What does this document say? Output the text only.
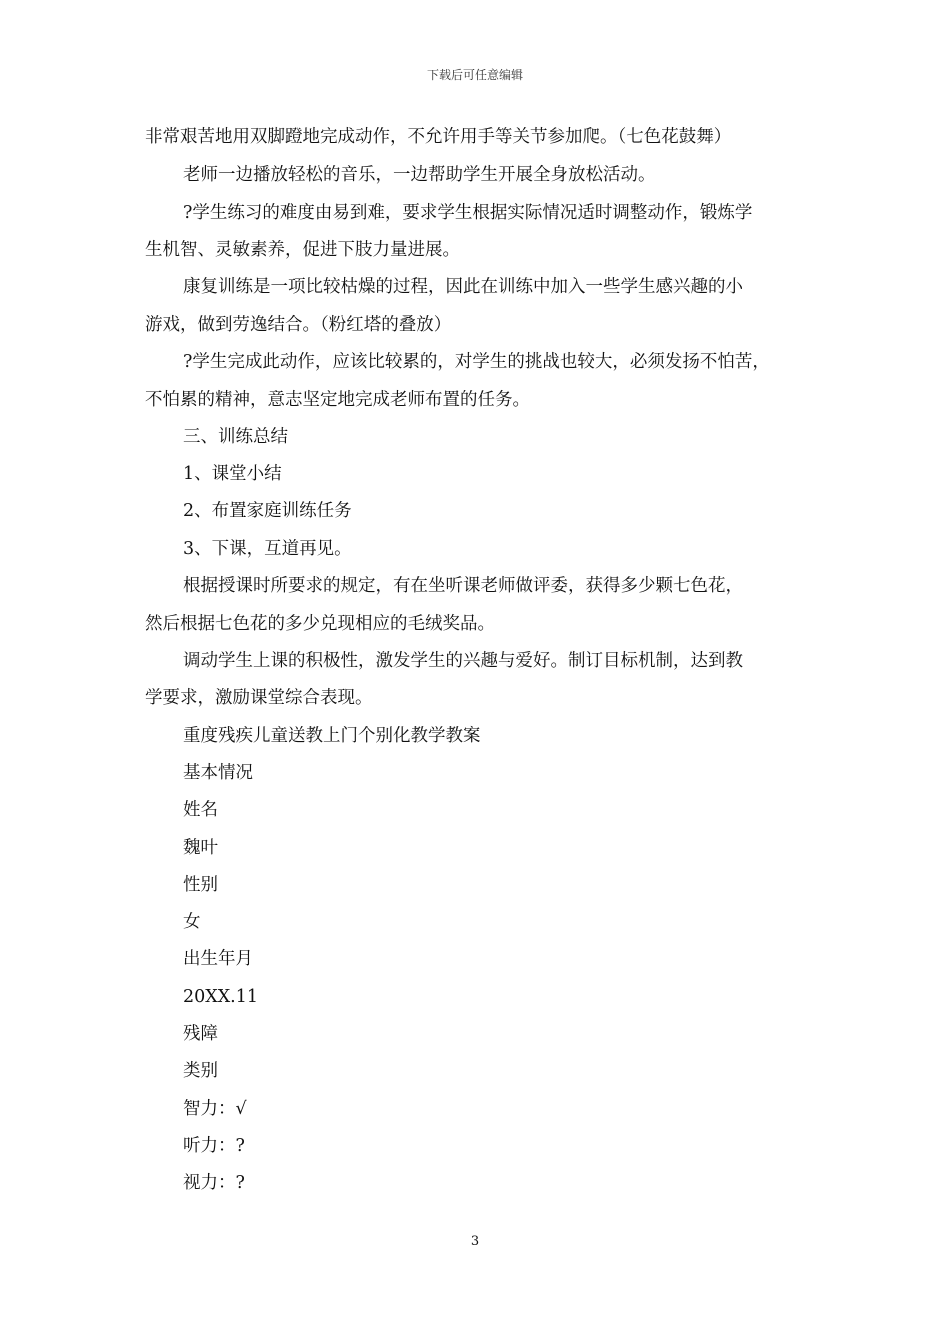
下载后可任意编辑
非常艰苦地用双脚蹬地完成动作，不允许用手等关节参加爬。（七色花鼓舞）
老师一边播放轻松的音乐，一边帮助学生开展全身放松活动。
?学生练习的难度由易到难，要求学生根据实际情况适时调整动作，锻炼学
生机智、灵敏素养，促进下肢力量进展。
康复训练是一项比较枯燥的过程，因此在训练中加入一些学生感兴趣的小
游戏，做到劳逸结合。（粉红塔的叠放）
?学生完成此动作，应该比较累的，对学生的挑战也较大，必须发扬不怕苦，
不怕累的精神，意志坚定地完成老师布置的任务。
三、训练总结
1、课堂小结
2、布置家庭训练任务
3、下课，互道再见。
根据授课时所要求的规定，有在坐听课老师做评委，获得多少颗七色花，
然后根据七色花的多少兑现相应的毛绒奖品。
调动学生上课的积极性，激发学生的兴趣与爱好。制订目标机制，达到教
学要求，激励课堂综合表现。
重度残疾儿童送教上门个别化教学教案
基本情况
姓名
魏叶
性别
女
出生年月
20XX.11
残障
类别
智力：√
听力：?
视力：?
3
